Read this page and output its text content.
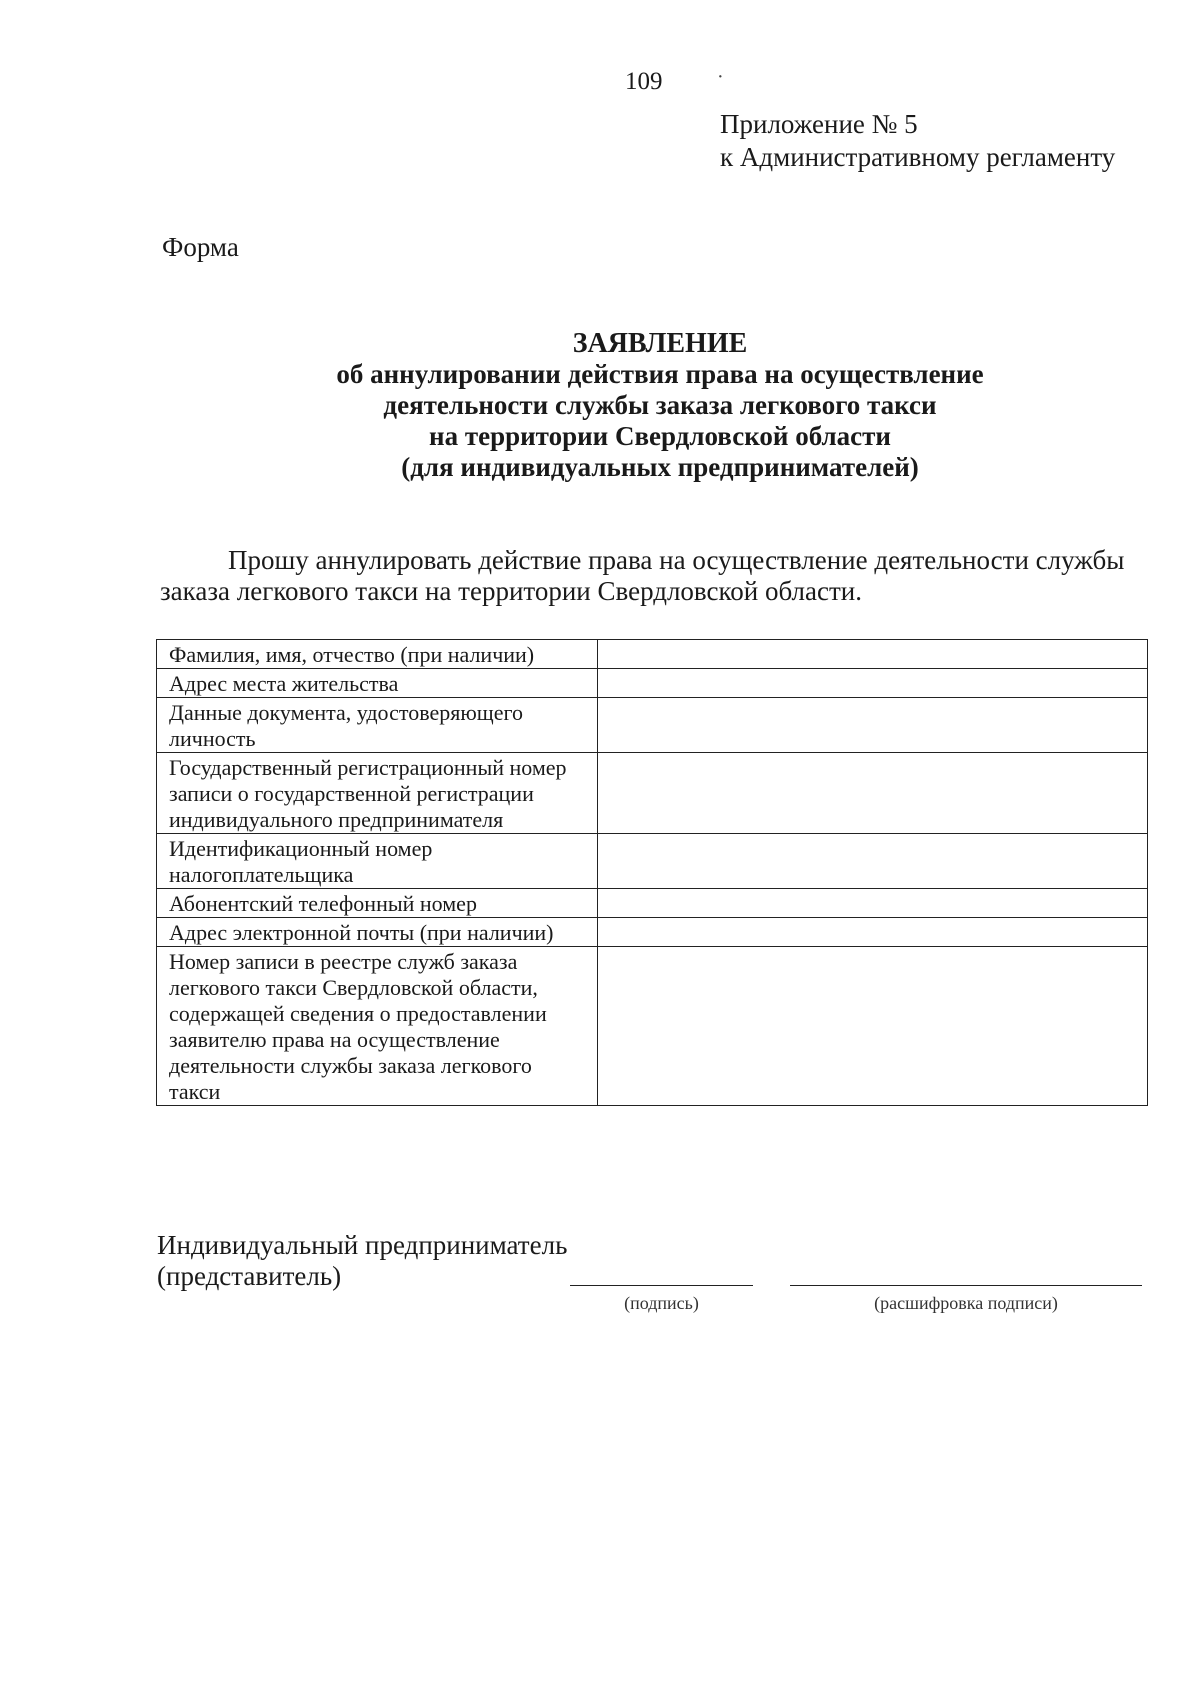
109	·
Приложение № 5
к Административному регламенту
Форма
ЗАЯВЛЕНИЕ
об аннулировании действия права на осуществление
деятельности службы заказа легкового такси
на территории Свердловской области
(для индивидуальных предпринимателей)
Прошу аннулировать действие права на осуществление деятельности службы заказа легкового такси на территории Свердловской области.
Фамилия, имя, отчество (при наличии)	
Адрес места жительства	
Данные документа, удостоверяющего личность	
Государственный регистрационный номер записи о государственной регистрации индивидуального предпринимателя	
Идентификационный номер налогоплательщика	
Абонентский телефонный номер	
Адрес электронной почты (при наличии)	
Номер записи в реестре служб заказа легкового такси Свердловской области, содержащей сведения о предоставлении заявителю права на осуществление деятельности службы заказа легкового такси	
Индивидуальный предприниматель
(представитель)
(подпись)	(расшифровка подписи)
